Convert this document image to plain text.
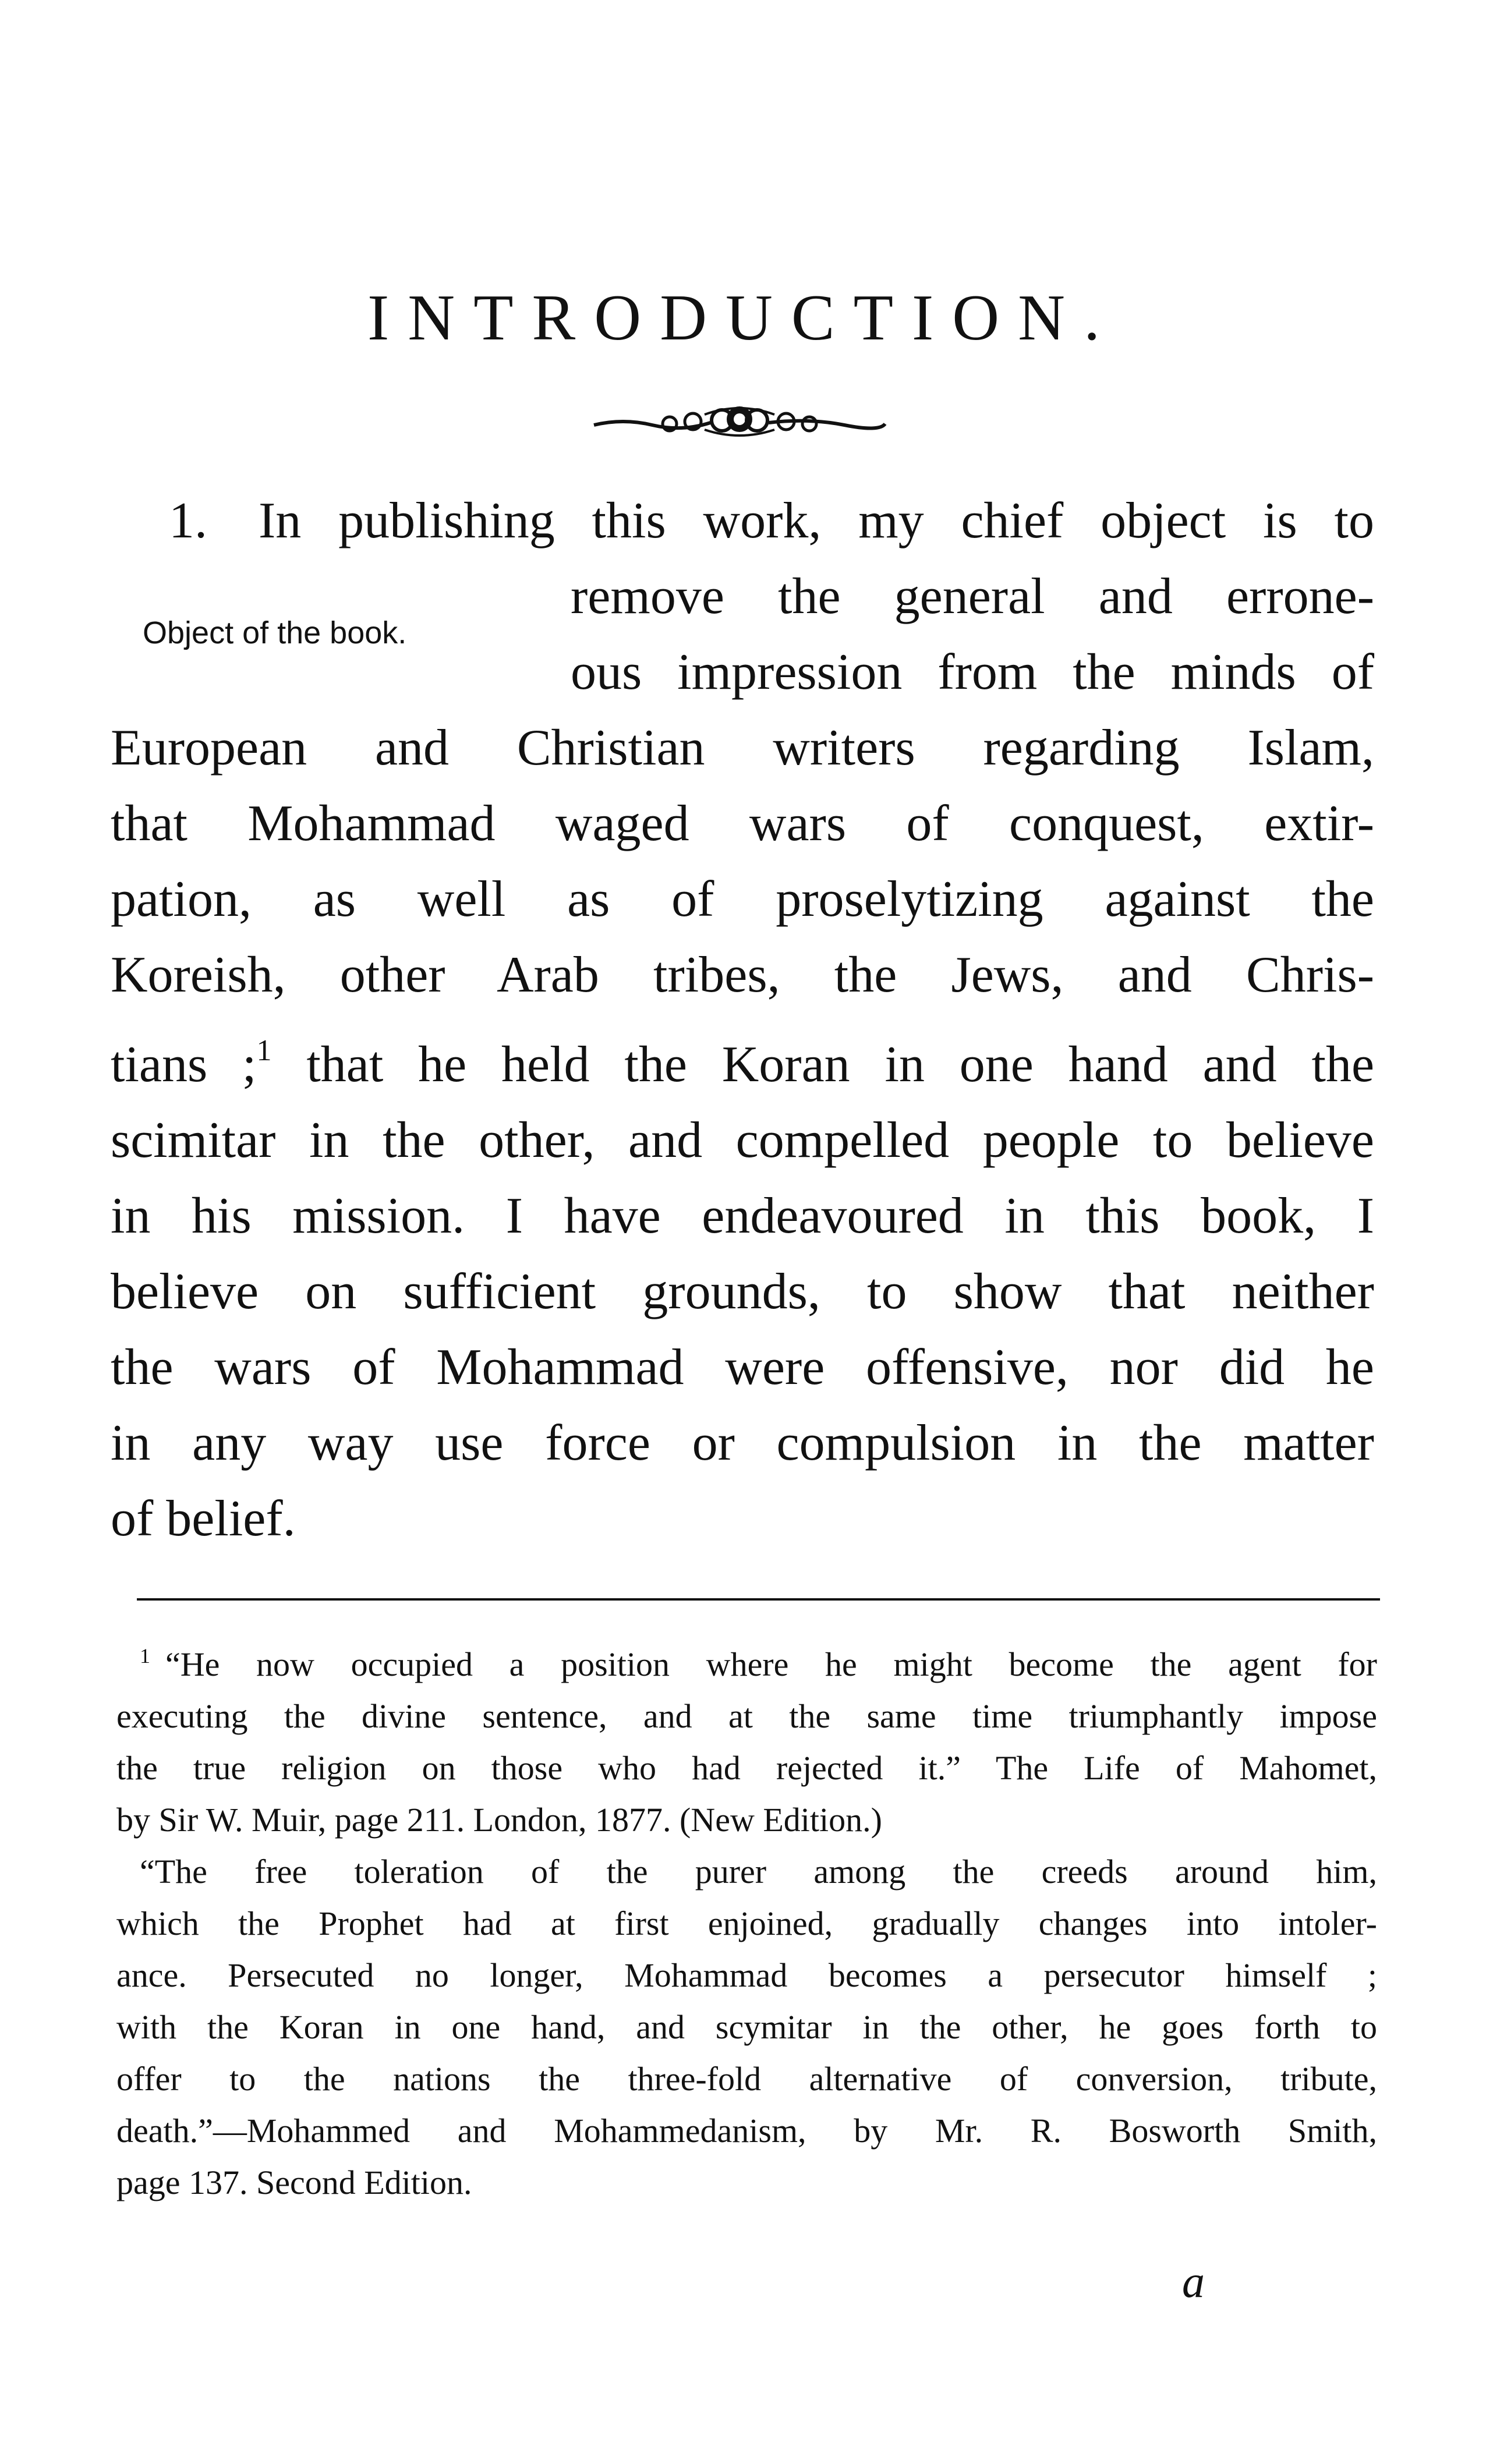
INTRODUCTION.
Object of the book.
1.  In publishing this work, my chief object is to
remove the general and errone-
ous impression from the minds of
European and Christian writers regarding Islam,
that Mohammad waged wars of conquest, extir-
pation, as well as of proselytizing against the
Koreish, other Arab tribes, the Jews, and Chris-
tians ;$^1$ that he held the Koran in one hand and the
scimitar in the other, and compelled people to believe
in his mission. I have endeavoured in this book, I
believe on sufficient grounds, to show that neither
the wars of Mohammad were offensive, nor did he
in any way use force or compulsion in the matter
of belief.
$^1$ “He now occupied a position where he might become the agent for
executing the divine sentence, and at the same time triumphantly impose
the true religion on those who had rejected it.” The Life of Mahomet,
by Sir W. Muir, page 211. London, 1877. (New Edition.)
“The free toleration of the purer among the creeds around him,
which the Prophet had at first enjoined, gradually changes into intoler-
ance. Persecuted no longer, Mohammad becomes a persecutor himself ;
with the Koran in one hand, and scymitar in the other, he goes forth to
offer to the nations the three-fold alternative of conversion, tribute,
death.”—Mohammed and Mohammedanism, by Mr. R. Bosworth Smith,
page 137. Second Edition.
a
